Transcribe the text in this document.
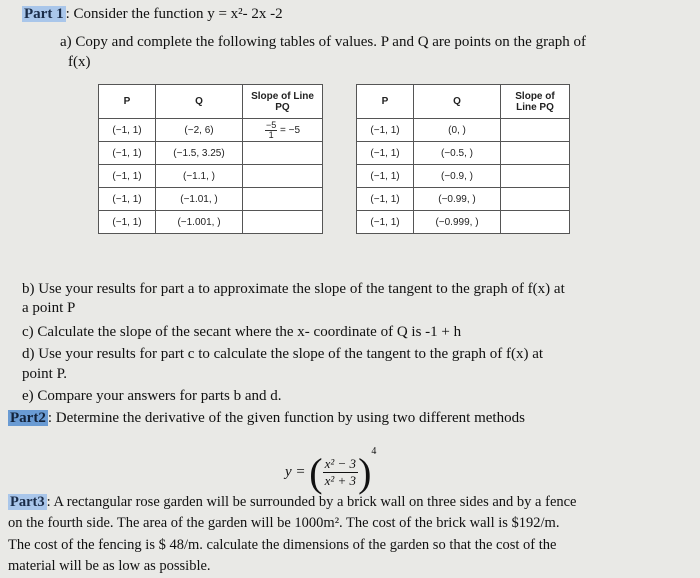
Part 1 : Consider the function y = x²- 2x -2
a) Copy and complete the following tables of values. P and Q are points on the graph of
f(x)
P	Q	Slope of Line PQ
(−1, 1)	(−2, 6)	$\frac{-5}{1} = -5$
(−1, 1)	(−1.5, 3.25)	
(−1, 1)	(−1.1, )	
(−1, 1)	(−1.01, )	
(−1, 1)	(−1.001, )	
P	Q	Slope of Line PQ
(−1, 1)	(0, )	
(−1, 1)	(−0.5, )	
(−1, 1)	(−0.9, )	
(−1, 1)	(−0.99, )	
(−1, 1)	(−0.999, )	
b) Use your results for part a to approximate the slope of the tangent to the graph of f(x) at
a point P
c) Calculate the slope of the secant where the x- coordinate of Q is -1 + h
d) Use your results for part c to calculate the slope of the tangent to the graph of f(x) at
point P.
e) Compare your answers for parts b and d.
Part2 : Determine the derivative of the given function by using two different methods
y = ( $\frac{\text{x² − 3}}{\text{x² + 3}} )^4$
Part3 : A rectangular rose garden will be surrounded by a brick wall on three sides and by a fence
on the fourth side. The area of the garden will be 1000m². The cost of the brick wall is $192/m.
The cost of the fencing is $ 48/m. calculate the dimensions of the garden so that the cost of the
material will be as low as possible.
